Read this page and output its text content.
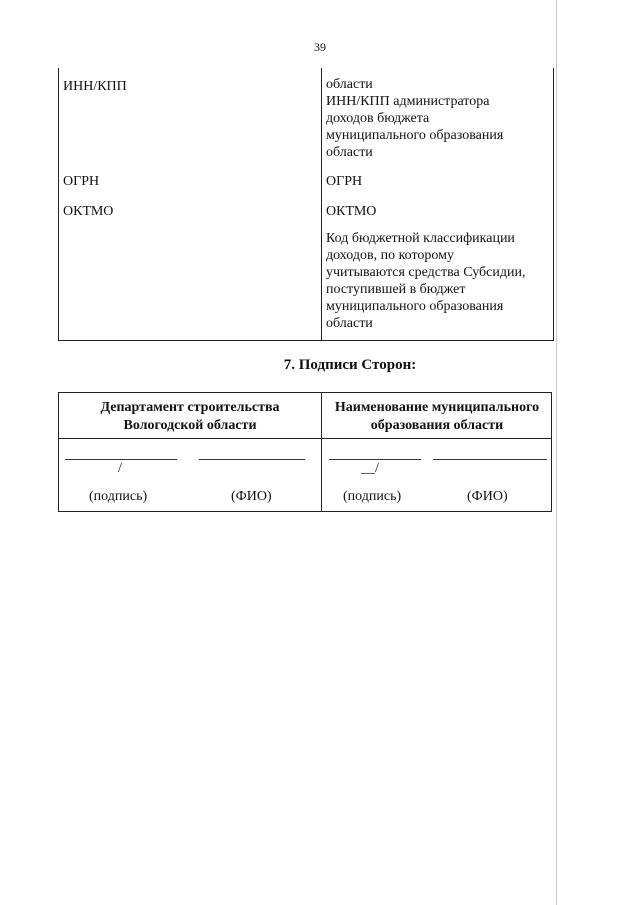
39
ИНН/КПП
ОГРН
ОКТМО
области
ИНН/КПП администратора
доходов бюджета
муниципального образования
области
ОГРН
ОКТМО
Код бюджетной классификации
доходов, по которому
учитываются средства Субсидии,
поступившей в бюджет
муниципального образования
области
7. Подписи Сторон:
Департамент строительства
Вологодской области
Наименование муниципального
образования области
/
(подпись)	(ФИО)
__/
(подпись)	(ФИО)
